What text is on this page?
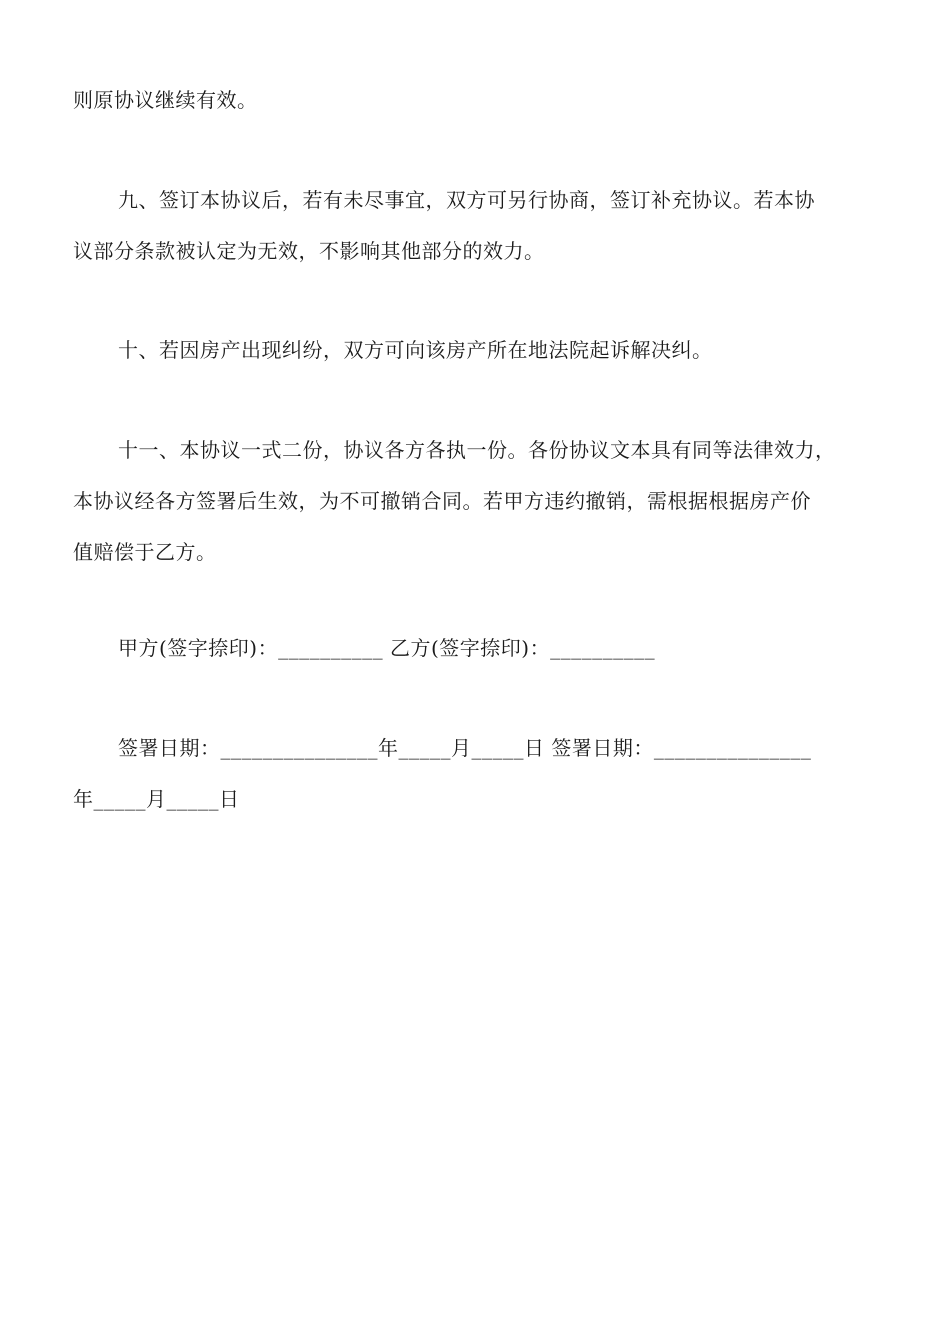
则原协议继续有效。
九、签订本协议后，若有未尽事宜，双方可另行协商，签订补充协议。若本协
议部分条款被认定为无效，不影响其他部分的效力。
十、若因房产出现纠纷，双方可向该房产所在地法院起诉解决纠。
十一、本协议一式二份，协议各方各执一份。各份协议文本具有同等法律效力，
本协议经各方签署后生效，为不可撤销合同。若甲方违约撤销，需根据根据房产价
值赔偿于乙方。
甲方(签字捺印)：__________ 乙方(签字捺印)：__________
签署日期：_______________年_____月_____日 签署日期：_______________
年_____月_____日
